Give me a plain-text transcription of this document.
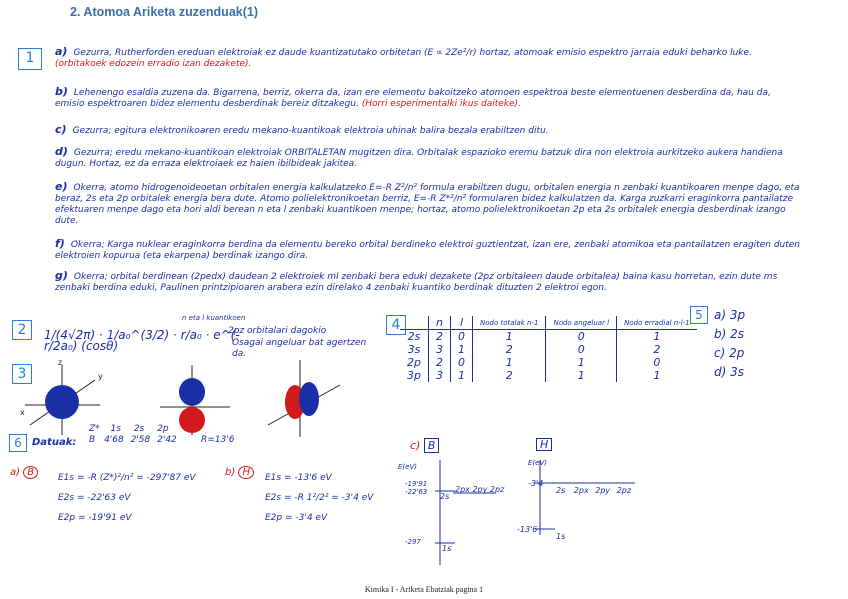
2. Atomoa Ariketa zuzenduak(1)
1	a) Gezurra, Rutherforden ereduan elektroiak ez daude kuantizatutako orbitetan (E ∝ 2Ze²/r) hortaz, atomoak emisio espektro jarraia eduki beharko luke. (orbitakoek edozein erradio izan dezakete).
b) Lehenengo esaldia zuzena da. Bigarrena, berriz, okerra da, izan ere elementu bakoitzeko atomoen espektroa beste elementuenen desberdina da, hau da, emisio espektroaren bidez elementu desberdinak bereiz ditzakegu. (Horri esperimentalki ikus daiteke).
c) Gezurra; egitura elektronikoaren eredu mekano-kuantikoak elektroia uhinak balira bezala erabiltzen ditu.
d) Gezurra; eredu mekano-kuantikoan elektroiak ORBITALETAN mugitzen dira. Orbitalak espazioko eremu batzuk dira non elektroia aurkitzeko aukera handiena dugun. Hortaz, ez da erraza elektroiaek ez haien ibilbideak jakitea.
e) Okerra, atomo hidrogenoideoetan orbitalen energia kalkulatzeko E=-R Z²/n² formula erabiltzen dugu, orbitalen energia n zenbaki kuantikoaren menpe dago, eta beraz, 2s eta 2p orbitalek energia bera dute. Atomo polielektronikoetan berriz, E=-R Z*²/n² formularen bidez kalkulatzen da. Karga zuzkarri eraginkorra pantailatze efektuaren menpe dago eta hori aldi berean n eta l zenbaki kuantikoen menpe; hortaz, atomo polielektronikoetan 2p eta 2s orbitalek energia desberdinak izango dute.
f) Okerra; Karga nuklear eraginkorra berdina da elementu bereko orbital berdineko elektroi guztientzat, izan ere, zenbaki atomikoa eta pantailatzen eragiten duten elektroien kopurua (eta ekarpena) berdinak izango dira.
g) Okerra; orbital berdinean (2pedx) daudean 2 elektroiek ml zenbaki bera eduki dezakete (2pz orbitaleen daude orbitalea) baina kasu horretan, ezin dute ms zenbaki berdina eduki, Paulinen printzipioaren arabera ezin direlako 4 zenbaki kuantiko berdinak dituzten 2 elektroi egon.
2	1/(4√2π) · 1/a₀^(3/2) · r/a₀ · e^(-r/2a₀) (cosθ)
n eta l kuantikoen
2pz orbitalari dagokio
Osagai angeluar bat agertzen da.
3
z
x
y
4
		n	l	Nodo totalak n-1	Nodo angeluar l	Nodo erradial n-l-1
2s	2	0	1	0	1
3s	3	1	2	0	2
2p	2	0	1	1	0
3p	3	1	2	1	1
5 a) 3p
b) 2s
c) 2p
d) 3s
6	Datuak:
Z* 1s 2s 2p
B 4'68 2'58 2'42	R=13'6
a) B	E1s = -R (Z*)²/n² = -297'87 eV
E2s = -22'63 eV
E2p = -19'91 eV
b) H	E1s = -13'6 eV
E2s = -R 1²/2² = -3'4 eV
E2p = -3'4 eV
c) B	H
E(eV)	E(eV)
-19'91
-22'63
-297
2s
2px 2py 2pz
1s
-3'4
-13'6
2s 2px 2py 2pz
1s
Kimika I - Ariketa Ebatziak pagina 1
